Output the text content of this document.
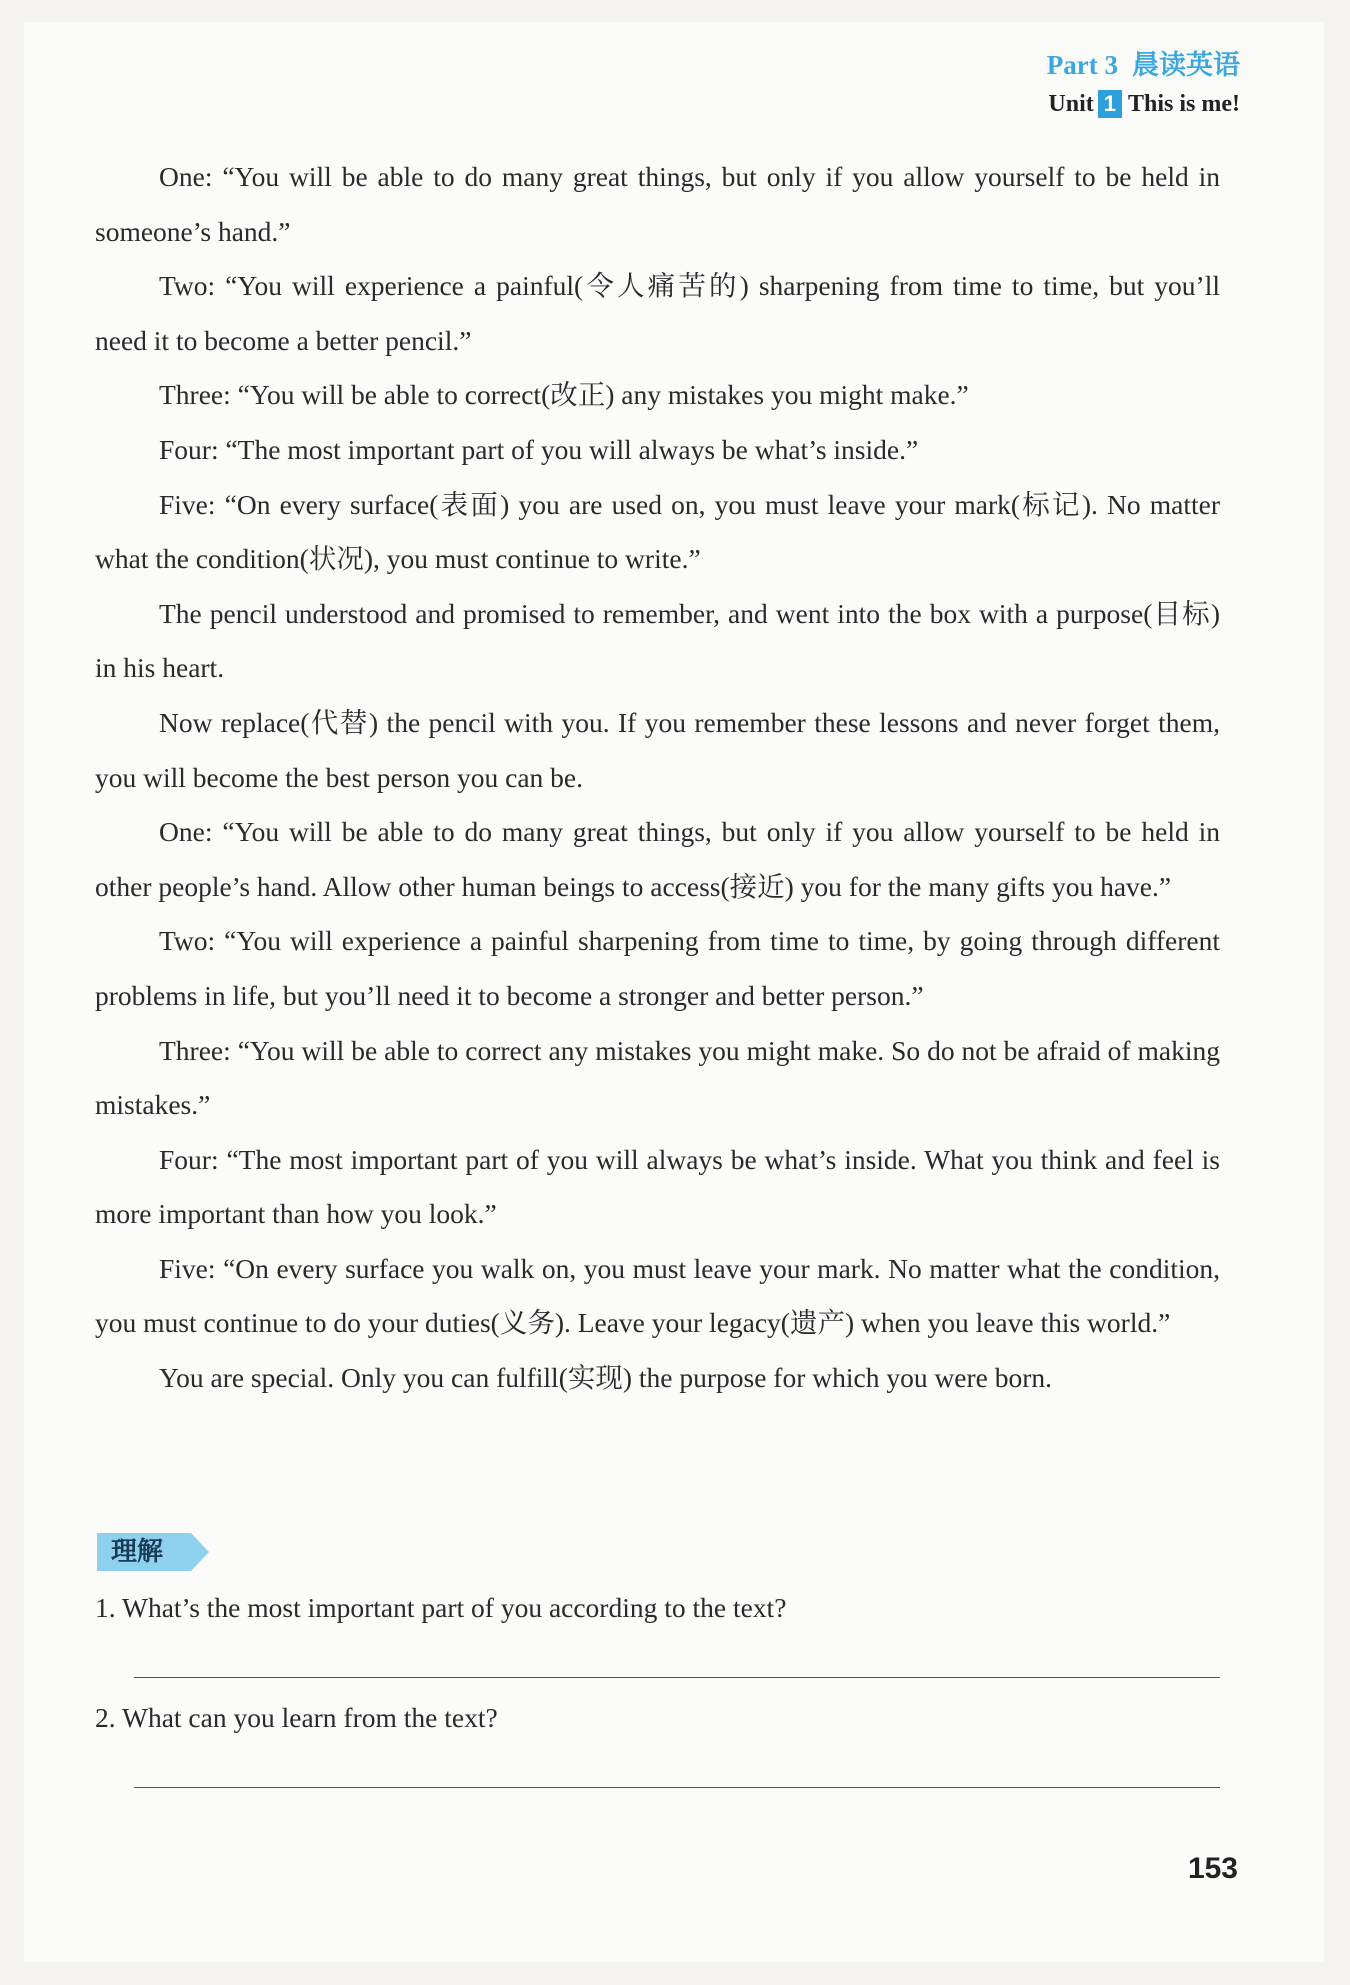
Part 3 晨读英语
Unit 1 This is me!

One: “You will be able to do many great things, but only if you allow yourself to be held in someone’s hand.”

Two: “You will experience a painful(令人痛苦的) sharpening from time to time, but you’ll need it to become a better pencil.”

Three: “You will be able to correct(改正) any mistakes you might make.”

Four: “The most important part of you will always be what’s inside.”

Five: “On every surface(表面) you are used on, you must leave your mark(标记). No matter what the condition(状况), you must continue to write.”

The pencil understood and promised to remember, and went into the box with a purpose(目标) in his heart.

Now replace(代替) the pencil with you. If you remember these lessons and never forget them, you will become the best person you can be.

One: “You will be able to do many great things, but only if you allow yourself to be held in other people’s hand. Allow other human beings to access(接近) you for the many gifts you have.”

Two: “You will experience a painful sharpening from time to time, by going through different problems in life, but you’ll need it to become a stronger and better person.”

Three: “You will be able to correct any mistakes you might make. So do not be afraid of making mistakes.”

Four: “The most important part of you will always be what’s inside. What you think and feel is more important than how you look.”

Five: “On every surface you walk on, you must leave your mark. No matter what the condition, you must continue to do your duties(义务). Leave your legacy(遗产) when you leave this world.”

You are special. Only you can fulfill(实现) the purpose for which you were born.

理解
1. What’s the most important part of you according to the text?
2. What can you learn from the text?
153
